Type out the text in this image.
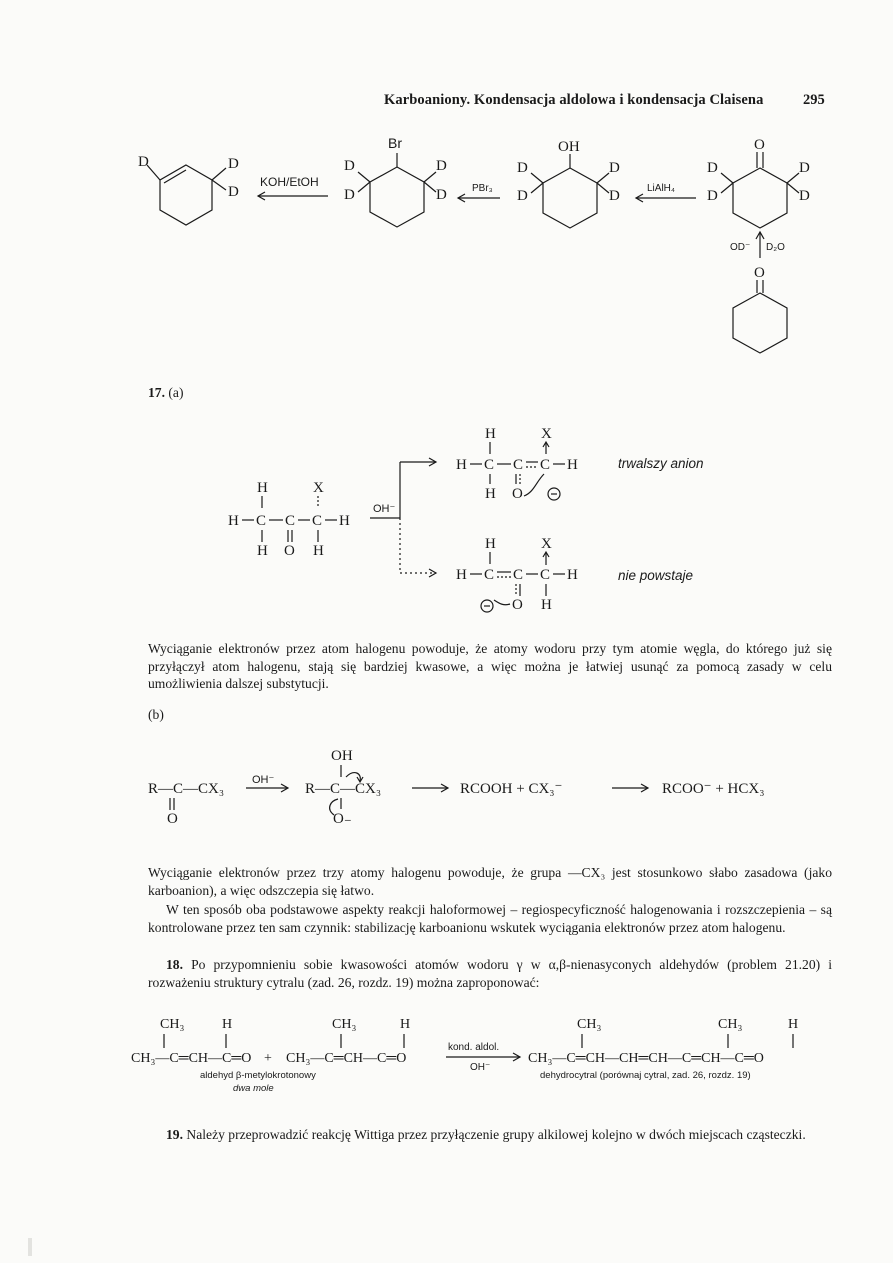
Karboaniony. Kondensacja aldolowa i kondensacja Claisena	295
D	D
D
KOH/EtOH
Br
D
D
D
D	PBr₃
OH
D
D
D
D	LiAlH₄
O
D
D
D
D
OD⁻ D₂O
O
17. (a)
H	X
H C C C H
H O H
OH⁻
H	X
H C C C H
H O
trwalszy anion
H	X
H C C C H
O H
nie powstaje
Wyciąganie elektronów przez atom halogenu powoduje, że atomy wodoru przy tym atomie węgla, do którego już się przyłączył atom halogenu, stają się bardziej kwasowe, a więc można je łatwiej usunąć za pomocą zasady w celu umożliwienia dalszej substytucji.
(b)
R—C—CX₃
O
OH⁻
OH
R—C—CX₃
O₋
RCOOH + CX₃⁻	RCOO⁻ + HCX₃
Wyciąganie elektronów przez trzy atomy halogenu powoduje, że grupa —CX₃ jest stosunkowo słabo zasadowa (jako karboanion), a więc odszczepia się łatwo.
W ten sposób oba podstawowe aspekty reakcji haloformowej – regiospecyficzność halogenowania i rozszczepienia – są kontrolowane przez ten sam czynnik: stabilizację karboanionu wskutek wyciągania elektronów przez atom halogenu.
18. Po przypomnieniu sobie kwasowości atomów wodoru γ w α,β-nienasyconych aldehydów (problem 21.20) i rozważeniu struktury cytralu (zad. 26, rozdz. 19) można zaproponować:
CH₃	H
CH₃—C═CH—C═O +
CH₃	H
CH₃—C═CH—C═O
kond. aldol.
OH⁻
CH₃	CH₃	H
CH₃—C═CH—CH═CH—C═CH—C═O
aldehyd β-metylokrotonowy
dwa mole
dehydrocytral (porównaj cytral, zad. 26, rozdz. 19)
19. Należy przeprowadzić reakcję Wittiga przez przyłączenie grupy alkilowej kolejno w dwóch miejscach cząsteczki.
